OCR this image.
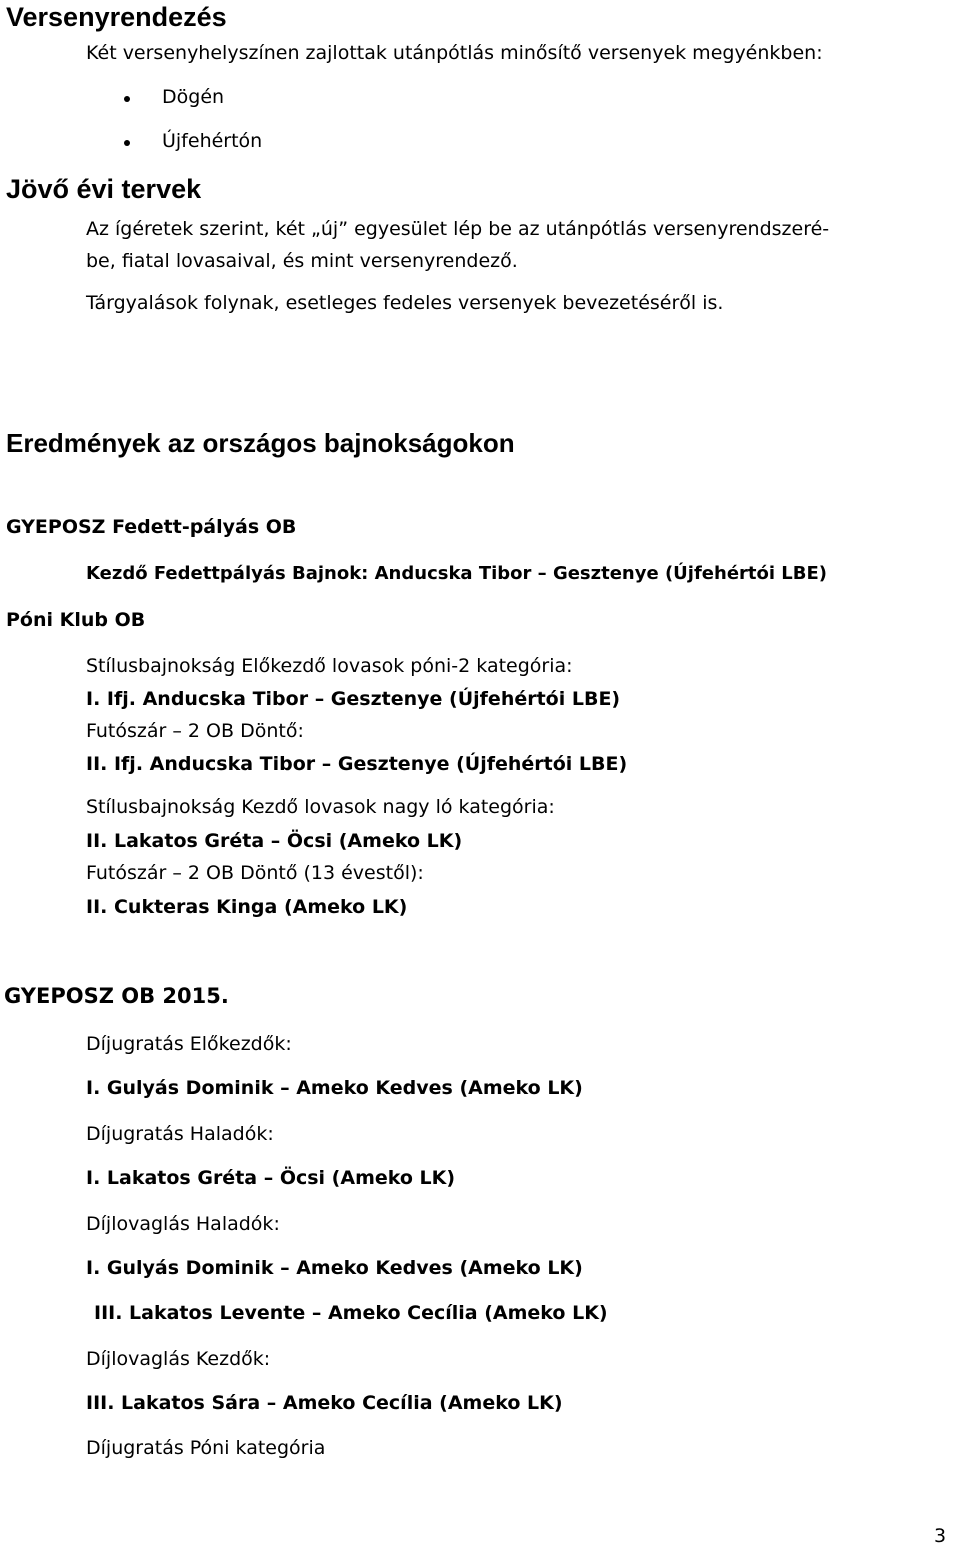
Versenyrendezés
Két versenyhelyszínen zajlottak utánpótlás minősítő versenyek megyénkben:
Dögén
Újfehértón
Jövő évi tervek
Az ígéretek szerint, két „új” egyesület lép be az utánpótlás versenyrendszeré-
be, fiatal lovasaival, és mint versenyrendező.
Tárgyalások folynak, esetleges fedeles versenyek bevezetéséről is.
Eredmények az országos bajnokságokon
GYEPOSZ Fedett-pályás OB
Kezdő Fedettpályás Bajnok: Anducska Tibor – Gesztenye (Újfehértói LBE)
Póni Klub OB
Stílusbajnokság Előkezdő lovasok póni-2 kategória:
I. Ifj. Anducska Tibor – Gesztenye (Újfehértói LBE)
Futószár – 2 OB Döntő:
II. Ifj. Anducska Tibor – Gesztenye (Újfehértói LBE)
Stílusbajnokság Kezdő lovasok nagy ló kategória:
II. Lakatos Gréta – Öcsi (Ameko LK)
Futószár – 2 OB Döntő (13 évestől):
II. Cukteras Kinga (Ameko LK)
GYEPOSZ OB 2015.
Díjugratás Előkezdők:
I. Gulyás Dominik – Ameko Kedves (Ameko LK)
Díjugratás Haladók:
I. Lakatos Gréta – Öcsi (Ameko LK)
Díjlovaglás Haladók:
I. Gulyás Dominik – Ameko Kedves (Ameko LK)
III. Lakatos Levente – Ameko Cecília (Ameko LK)
Díjlovaglás Kezdők:
III. Lakatos Sára – Ameko Cecília (Ameko LK)
Díjugratás Póni kategória
3
